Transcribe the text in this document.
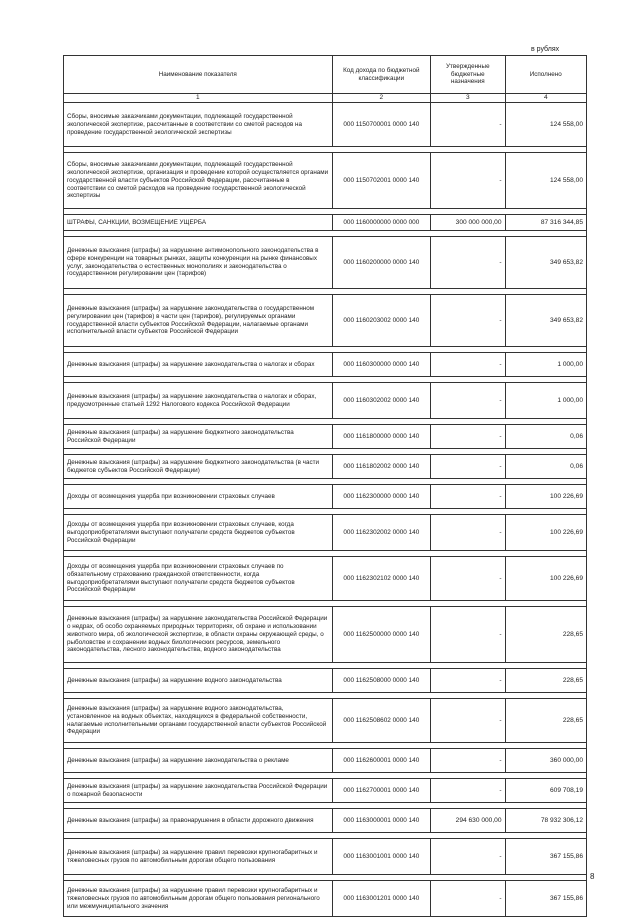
в рублях
Наименование показателя	Код дохода по бюджетной классификации	Утвержденные бюджетные назначения	Исполнено
1	2	3	4
Сборы, вносимые заказчиками документации, подлежащей государственной экологической экспертизе, рассчитанные в соответствии со сметой расходов на проведение государственной экологической экспертизы	000 1150700001 0000 140	-	124 558,00

Сборы, вносимые заказчиками документации, подлежащей государственной экологической экспертизе, организация и проведение которой осуществляется органами государственной власти субъектов Российской Федерации, рассчитанные в соответствии со сметой расходов на проведение государственной экологической экспертизы	000 1150702001 0000 140	-	124 558,00

ШТРАФЫ, САНКЦИИ, ВОЗМЕЩЕНИЕ УЩЕРБА	000 1160000000 0000 000	300 000 000,00	87 316 344,85

Денежные взыскания (штрафы) за нарушение антимонопольного законодательства в сфере конкуренции на товарных рынках, защиты конкуренции на рынке финансовых услуг, законодательства о естественных монополиях и законодательства о государственном регулировании цен (тарифов)	000 1160200000 0000 140	-	349 653,82

Денежные взыскания (штрафы) за нарушение законодательства о государственном регулировании цен (тарифов) в части цен (тарифов), регулируемых органами государственной власти субъектов Российской Федерации, налагаемые органами исполнительной власти субъектов Российской Федерации	000 1160203002 0000 140	-	349 653,82

Денежные взыскания (штрафы) за нарушение законодательства о налогах и сборах	000 1160300000 0000 140	-	1 000,00

Денежные взыскания (штрафы) за нарушение законодательства о налогах и сборах, предусмотренные статьей 1292 Налогового кодекса Российской Федерации	000 1160302002 0000 140	-	1 000,00

Денежные взыскания (штрафы) за нарушение бюджетного законодательства Российской Федерации	000 1161800000 0000 140	-	0,06

Денежные взыскания (штрафы) за нарушение бюджетного законодательства (в части бюджетов субъектов Российской Федерации)	000 1161802002 0000 140	-	0,06

Доходы от возмещения ущерба при возникновении страховых случаев	000 1162300000 0000 140	-	100 226,69

Доходы от возмещения ущерба при возникновении страховых случаев, когда выгодоприобретателями выступают получатели средств бюджетов субъектов Российской Федерации	000 1162302002 0000 140	-	100 226,69

Доходы от возмещения ущерба при возникновении страховых случаев по обязательному страхованию гражданской ответственности, когда выгодоприобретателями выступают получатели средств бюджетов субъектов Российской Федерации	000 1162302102 0000 140	-	100 226,69

Денежные взыскания (штрафы) за нарушение законодательства Российской Федерации о недрах, об особо охраняемых природных территориях, об охране и использовании животного мира, об экологической экспертизе, в области охраны окружающей среды, о рыболовстве и сохранении водных биологических ресурсов, земельного законодательства, лесного законодательства, водного законодательства	000 1162500000 0000 140	-	228,65

Денежные взыскания (штрафы) за нарушение водного законодательства	000 1162508000 0000 140	-	228,65

Денежные взыскания (штрафы) за нарушение водного законодательства, установленное на водных объектах, находящихся в федеральной собственности, налагаемые исполнительными органами государственной власти субъектов Российской Федерации	000 1162508602 0000 140	-	228,65

Денежные взыскания (штрафы) за нарушение законодательства о рекламе	000 1162600001 0000 140	-	360 000,00

Денежные взыскания (штрафы) за нарушение законодательства Российской Федерации о пожарной безопасности	000 1162700001 0000 140	-	609 708,19

Денежные взыскания (штрафы) за правонарушения в области дорожного движения	000 1163000001 0000 140	294 630 000,00	78 932 306,12

Денежные взыскания (штрафы) за нарушение правил перевозки крупногабаритных и тяжеловесных грузов по автомобильным дорогам общего пользования	000 1163001001 0000 140	-	367 155,86

Денежные взыскания (штрафы) за нарушение правил перевозки крупногабаритных и тяжеловесных грузов по автомобильным дорогам общего пользования регионального или межмуниципального значения	000 1163001201 0000 140	-	367 155,86
8
